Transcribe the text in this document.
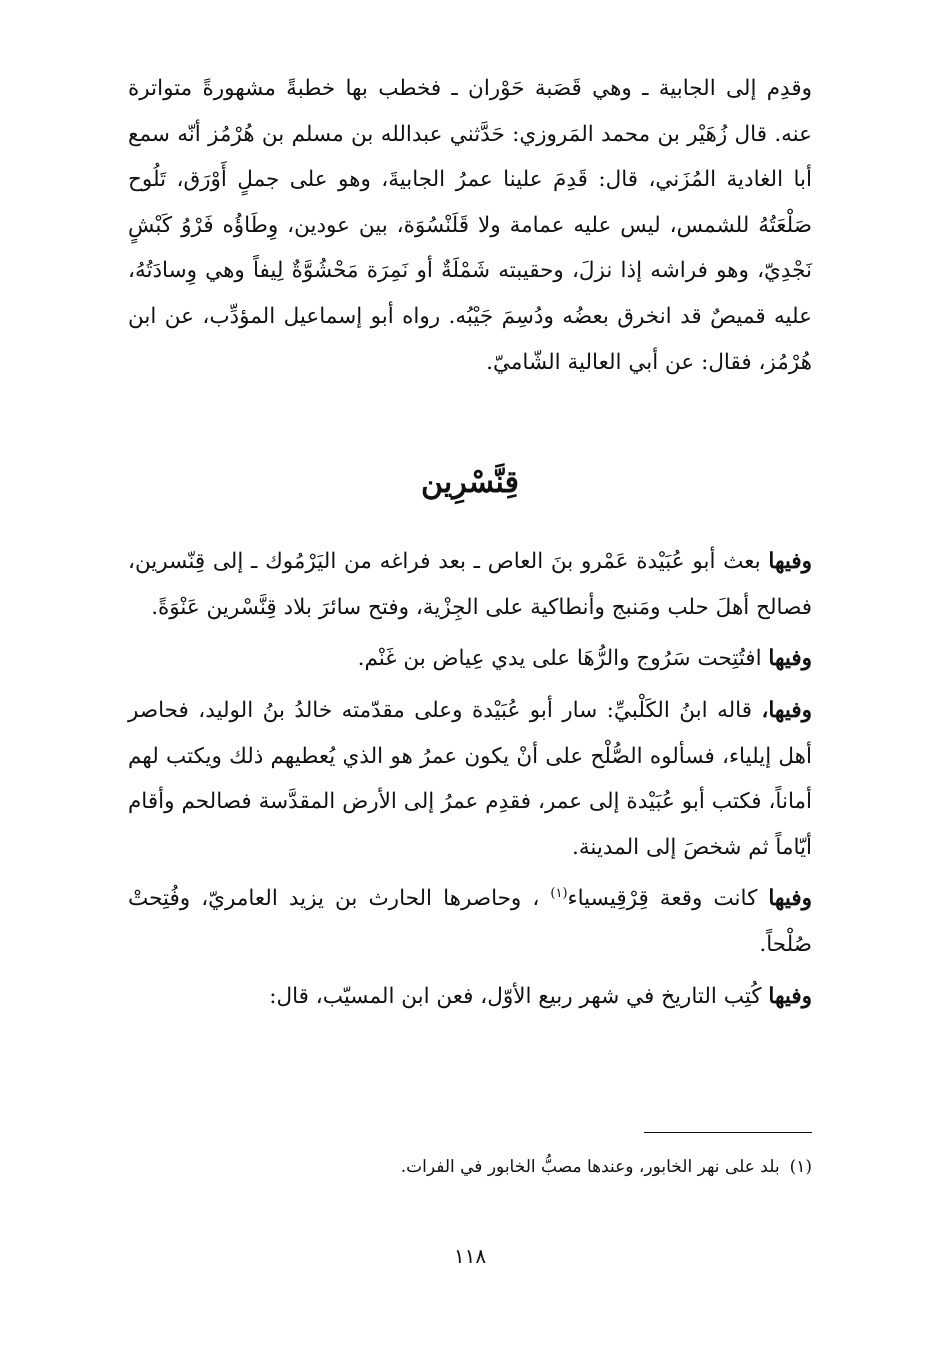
وقدِم إلى الجابية ـ وهي قَصَبة حَوْران ـ فخطب بها خطبةً مشهورةً متواترة عنه. قال زُهَيْر بن محمد المَروزي: حَدَّثني عبدالله بن مسلم بن هُرْمُز أنّه سمع أبا الغادية المُزَني، قال: قَدِمَ علينا عمرُ الجابيةَ، وهو على جملٍ أَوْرَق، تَلُوح صَلْعَتُهُ للشمس، ليس عليه عمامة ولا قَلَنْسُوَة، بين عودين، وِطَاؤُه فَرْوُ كَبْشٍ نَجْدِيّ، وهو فراشه إذا نزلَ، وحقيبته شَمْلَةٌ أو نَمِرَة مَحْشُوَّةٌ لِيفاً وهي وِسادَتُهُ، عليه قميصٌ قد انخرق بعضُه ودُسِمَ جَيْبُه. رواه أبو إسماعيل المؤدِّب، عن ابن هُرْمُز، فقال: عن أبي العالية الشّاميّ.

قِنَّسْرِين

وفيها بعث أبو عُبَيْدة عَمْرو بنَ العاص ـ بعد فراغه من اليَرْمُوك ـ إلى قِنّسرين، فصالح أهلَ حلب ومَنبج وأنطاكية على الجِزْية، وفتح سائرَ بلاد قِنَّسْرين عَنْوَةً.

وفيها افتُتِحت سَرُوج والرُّهَا على يدي عِياض بن غَنْم.

وفيها، قاله ابنُ الكَلْبيِّ: سار أبو عُبَيْدة وعلى مقدّمته خالدُ بنُ الوليد، فحاصر أهل إيلياء، فسألوه الصُّلْح على أنْ يكون عمرُ هو الذي يُعطيهم ذلك ويكتب لهم أماناً، فكتب أبو عُبَيْدة إلى عمر، فقدِم عمرُ إلى الأرض المقدَّسة فصالحم وأقام أيّاماً ثم شخصَ إلى المدينة.

وفيها كانت وقعة قِرْقِيسياء$^{(١)}$ ، وحاصرها الحارث بن يزيد العامريّ، وفُتِحتْ صُلْحاً.

وفيها كُتِب التاريخ في شهر ربيع الأوّل، فعن ابن المسيّب، قال:

(١)بلد على نهر الخابور، وعندها مصبُّ الخابور في الفرات.

١١٨
